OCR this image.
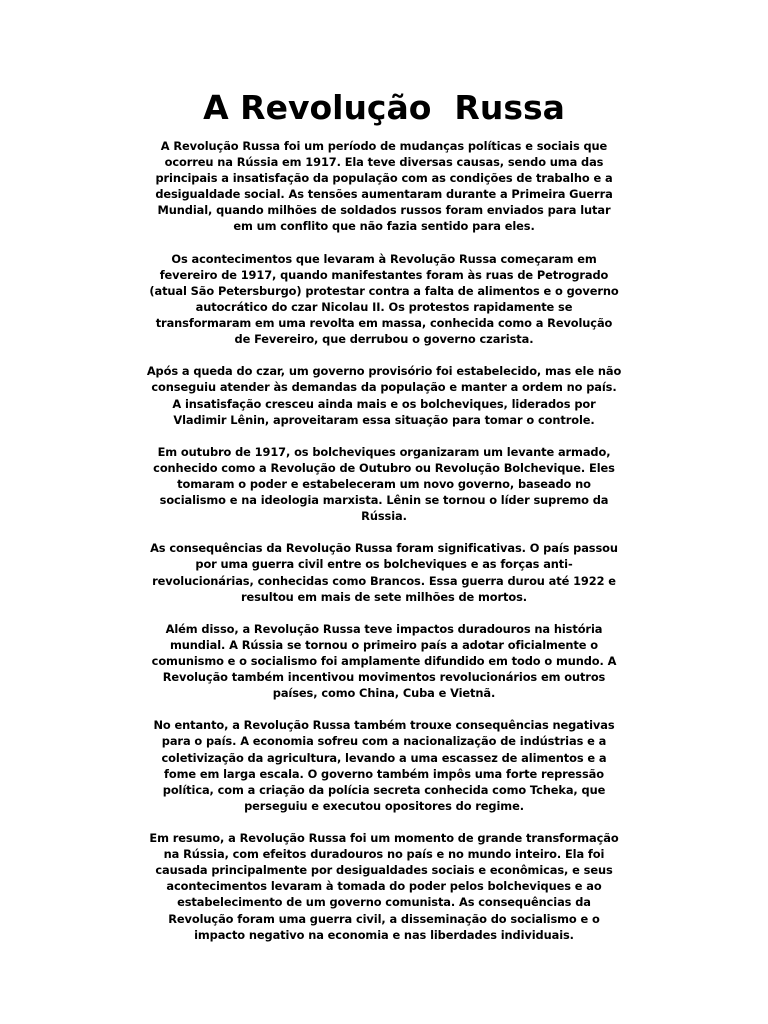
A Revolução  Russa

A Revolução Russa foi um período de mudanças políticas e sociais que ocorreu na Rússia em 1917. Ela teve diversas causas, sendo uma das principais a insatisfação da população com as condições de trabalho e a desigualdade social. As tensões aumentaram durante a Primeira Guerra Mundial, quando milhões de soldados russos foram enviados para lutar em um conflito que não fazia sentido para eles.

Os acontecimentos que levaram à Revolução Russa começaram em fevereiro de 1917, quando manifestantes foram às ruas de Petrogrado (atual São Petersburgo) protestar contra a falta de alimentos e o governo autocrático do czar Nicolau II. Os protestos rapidamente se transformaram em uma revolta em massa, conhecida como a Revolução de Fevereiro, que derrubou o governo czarista.

Após a queda do czar, um governo provisório foi estabelecido, mas ele não conseguiu atender às demandas da população e manter a ordem no país. A insatisfação cresceu ainda mais e os bolcheviques, liderados por Vladimir Lênin, aproveitaram essa situação para tomar o controle.

Em outubro de 1917, os bolcheviques organizaram um levante armado, conhecido como a Revolução de Outubro ou Revolução Bolchevique. Eles tomaram o poder e estabeleceram um novo governo, baseado no socialismo e na ideologia marxista. Lênin se tornou o líder supremo da Rússia.

As consequências da Revolução Russa foram significativas. O país passou por uma guerra civil entre os bolcheviques e as forças anti-revolucionárias, conhecidas como Brancos. Essa guerra durou até 1922 e resultou em mais de sete milhões de mortos.

Além disso, a Revolução Russa teve impactos duradouros na história mundial. A Rússia se tornou o primeiro país a adotar oficialmente o comunismo e o socialismo foi amplamente difundido em todo o mundo. A Revolução também incentivou movimentos revolucionários em outros países, como China, Cuba e Vietnã.

No entanto, a Revolução Russa também trouxe consequências negativas para o país. A economia sofreu com a nacionalização de indústrias e a coletivização da agricultura, levando a uma escassez de alimentos e a fome em larga escala. O governo também impôs uma forte repressão política, com a criação da polícia secreta conhecida como Tcheka, que perseguiu e executou opositores do regime.

Em resumo, a Revolução Russa foi um momento de grande transformação na Rússia, com efeitos duradouros no país e no mundo inteiro. Ela foi causada principalmente por desigualdades sociais e econômicas, e seus acontecimentos levaram à tomada do poder pelos bolcheviques e ao estabelecimento de um governo comunista. As consequências da Revolução foram uma guerra civil, a disseminação do socialismo e o impacto negativo na economia e nas liberdades individuais.
